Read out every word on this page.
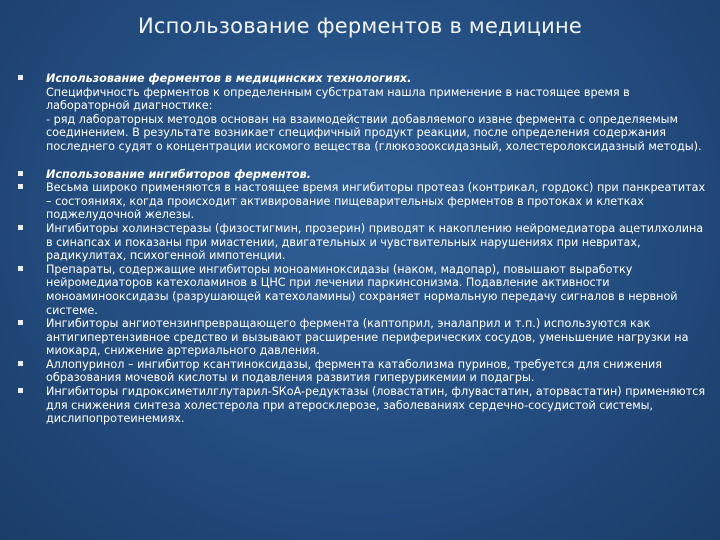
Использование ферментов в медицине
Использование ферментов в медицинских технологиях.
Специфичность ферментов к определенным субстратам нашла применение в настоящее время в лабораторной диагностике:
- ряд лабораторных методов основан на взаимодействии добавляемого извне фермента с определяемым соединением. В результате возникает специфичный продукт реакции, после определения содержания последнего судят о концентрации искомого вещества (глюкозооксидазный, холестеролоксидазный методы).
Использование ингибиторов ферментов.
Весьма широко применяются в настоящее время ингибиторы протеаз (контрикал, гордокс) при панкреатитах – состояниях, когда происходит активирование пищеварительных ферментов в протоках и клетках поджелудочной железы.
Ингибиторы холинэстеразы (физостигмин, прозерин) приводят к накоплению нейромедиатора ацетилхолина в синапсах и показаны при миастении, двигательных и чувствительных нарушениях при невритах, радикулитах, психогенной импотенции.
Препараты, содержащие ингибиторы моноаминоксидазы (наком, мадопар), повышают выработку нейромедиаторов катехоламинов в ЦНС при лечении паркинсонизма. Подавление активности моноаминооксидазы (разрушающей катехоламины) сохраняет нормальную передачу сигналов в нервной системе.
Ингибиторы ангиотензинпревращающего фермента (каптоприл, эналаприл и т.п.) используются как антигипертензивное средство и вызывают расширение периферических сосудов, уменьшение нагрузки на миокард, снижение артериального давления.
Аллопуринол – ингибитор ксантиноксидазы, фермента катаболизма пуринов, требуется для снижения образования мочевой кислоты и подавления развития гиперурикемии и подагры.
Ингибиторы гидроксиметилглутарил-SКoA-редуктазы (ловастатин, флувастатин, аторвастатин) применяются для снижения синтеза холестерола при атеросклерозе, заболеваниях сердечно-сосудистой системы, дислипопротеинемиях.
